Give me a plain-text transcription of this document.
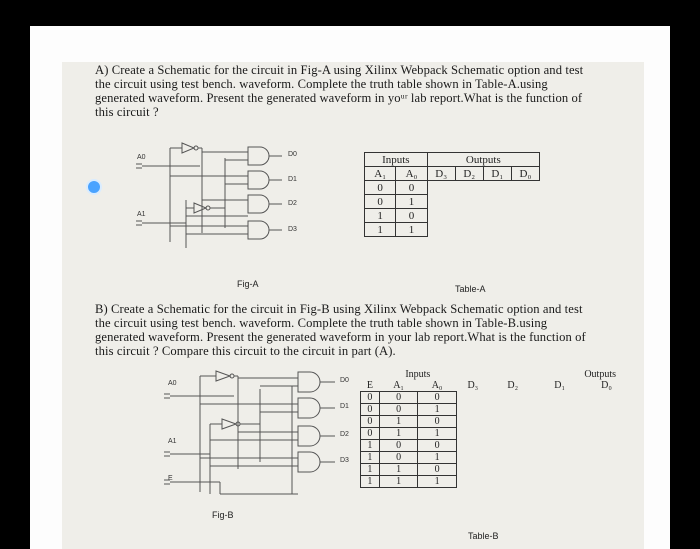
A) Create a Schematic for the circuit in Fig-A using Xilinx Webpack Schematic option and test
the circuit using test bench. waveform. Complete the truth table shown in Table-A.using
generated waveform. Present the generated waveform in yoᵘʳ lab report.What is the function of
this circuit ?
A0
A1
D0
D1
D2
D3
Inputs		Outputs			
A₁	A₀	D₃	D₂	D₁	D₀
0	0				
0	1				
1	0				
1	1				
Fig-A	Table-A
B) Create a Schematic for the circuit in Fig-B using Xilinx Webpack Schematic option and test
the circuit using test bench. waveform. Complete the truth table shown in Table-B.using
generated waveform. Present the generated waveform in your lab report.What is the function of
this circuit ? Compare this circuit to the circuit in part (A).
A0
A1
E
D0
D1
D2
D3
	Inputs			Outputs		
E	A₁	A₀	D₃	D₂	D₁	D₀
0	0	0				
0	0	1				
0	1	0				
0	1	1				
1	0	0				
1	0	1				
1	1	0				
1	1	1				
Fig-B
Table-B
